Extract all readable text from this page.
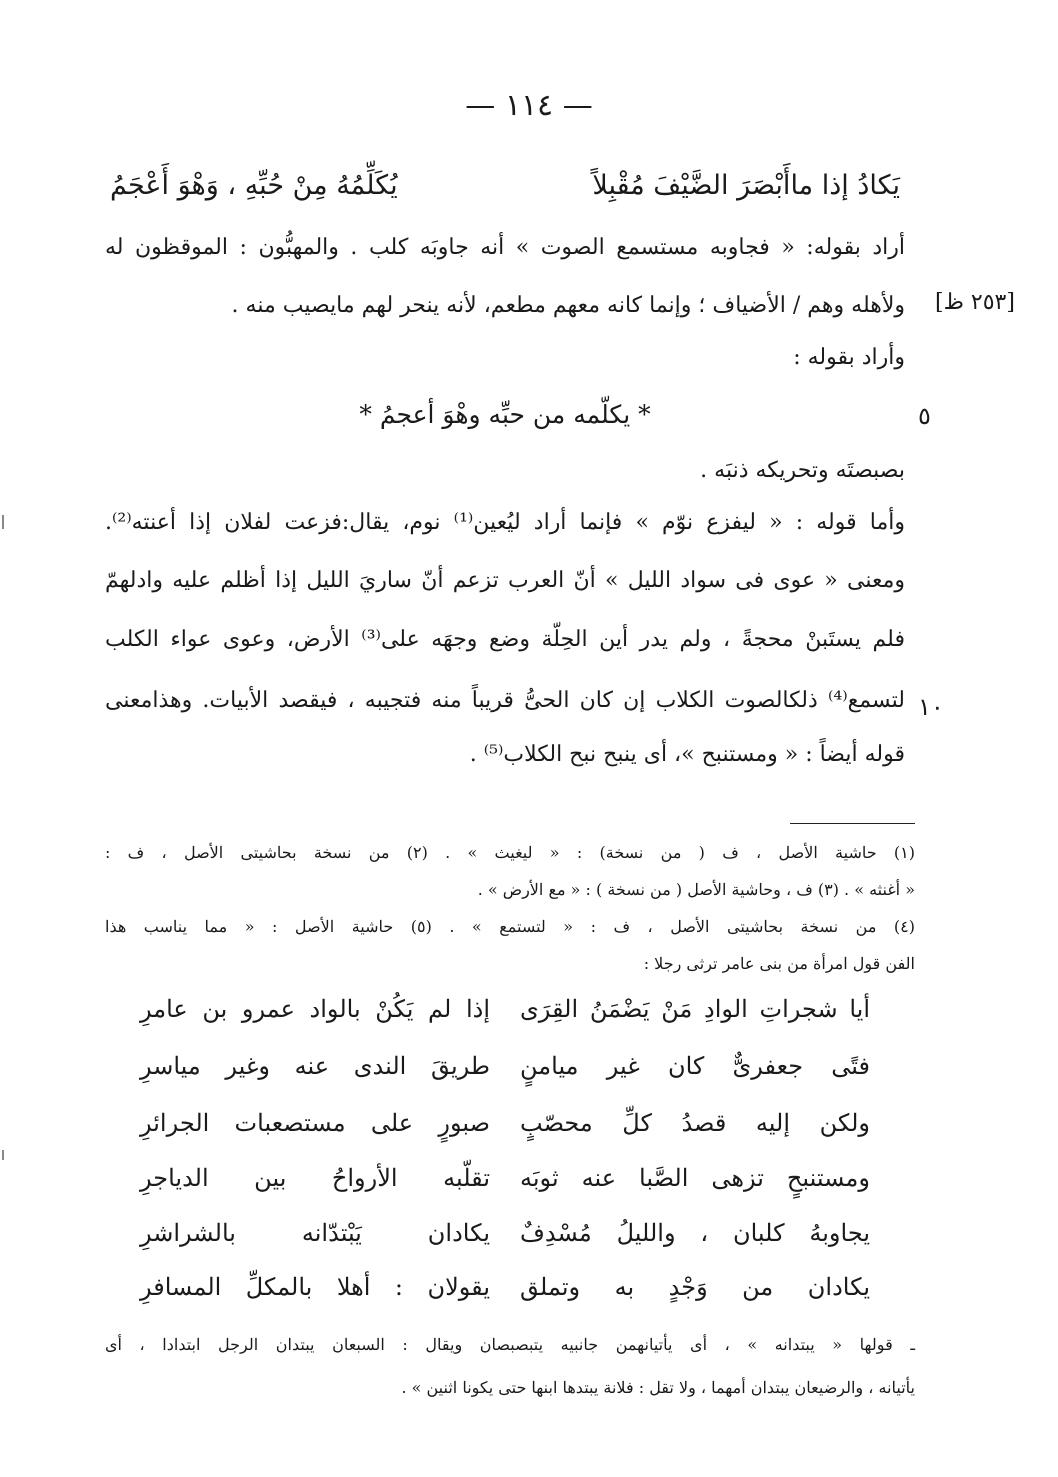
— ١١٤ —
يَكادُ إذا ماأَبْصَرَ الضَّيْفَ مُقْبِلاً
يُكَلِّمُهُ مِنْ حُبِّهِ ، وَهْوَ أَعْجَمُ
أراد بقوله: « فجاوبه مستسمع الصوت » أنه جاوبَه كلب . والمهبُّون : الموقظون له
ولأهله وهم / الأضياف ؛ وإنما كانه معهم مطعم، لأنه ينحر لهم مايصيب منه .
وأراد بقوله :
[٢٥٣ ظ]
* يكلّمه من حبِّه وهْوَ أعجمُ *	٥
بصبصتَه وتحريكه ذنبَه .
وأما قوله : « ليفزع نوّم » فإنما أراد ليُعين⁽¹⁾ نوم، يقال:فزعت لفلان إذا أعنته⁽²⁾.
ومعنى « عوى فى سواد الليل » أنّ العرب تزعم أنّ ساريَ الليل إذا أظلم عليه وادلهمّ
فلم يستَبنْ محجةً ، ولم يدر أين الحِلّة وضع وجهَه على⁽³⁾ الأرض، وعوى عواء الكلب
لتسمع⁽⁴⁾ ذلكالصوت الكلاب إن كان الحىُّ قريباً منه فتجيبه ، فيقصد الأبيات. وهذامعنى
قوله أيضاً : « ومستنبح »، أى ينبح نبح الكلاب⁽⁵⁾ .
١٠
(١) حاشية الأصل ، ف ( من نسخة) : « ليغيث » . (٢) من نسخة بحاشيتى الأصل ، ف :
« أغنثه » . (٣) ف ، وحاشية الأصل ( من نسخة ) : « مع الأرض » .
(٤) من نسخة بحاشيتى الأصل ، ف : « لتستمع » . (٥) حاشية الأصل : « مما يناسب هذا
الفن قول امرأة من بنى عامر ترثى رجلا :
أيا شجراتِ الوادِ مَنْ يَضْمَنُ القِرَى
إذا لم يَكُنْ بالواد عمرو بن عامرِ
فتًى جعفرىٌّ كان غير ميامنٍ
طريقَ الندى عنه وغير مياسرِ
ولكن إليه قصدُ كلِّ محصّبٍ
صبورٍ على مستصعبات الجرائرِ
ومستنبحٍ تزهى الصَّبا عنه ثوبَه
تقلّبه الأرواحُ بين الدياجرِ
يجاوبهُ كلبان ، والليلُ مُسْدِفٌ
يكادان يَبْتدّانه بالشراشرِ
يكادان من وَجْدٍ به وتملق
يقولان : أهلا بالمكلِّ المسافرِ
ـ قولها « يبتدانه » ، أى يأتيانهمن جانبيه يتبصبصان ويقال : السبعان يبتدان الرجل ابتدادا ، أى
يأتيانه ، والرضيعان يبتدان أمهما ، ولا تقل : فلانة يبتدها ابنها حتى يكونا اثنين » .
